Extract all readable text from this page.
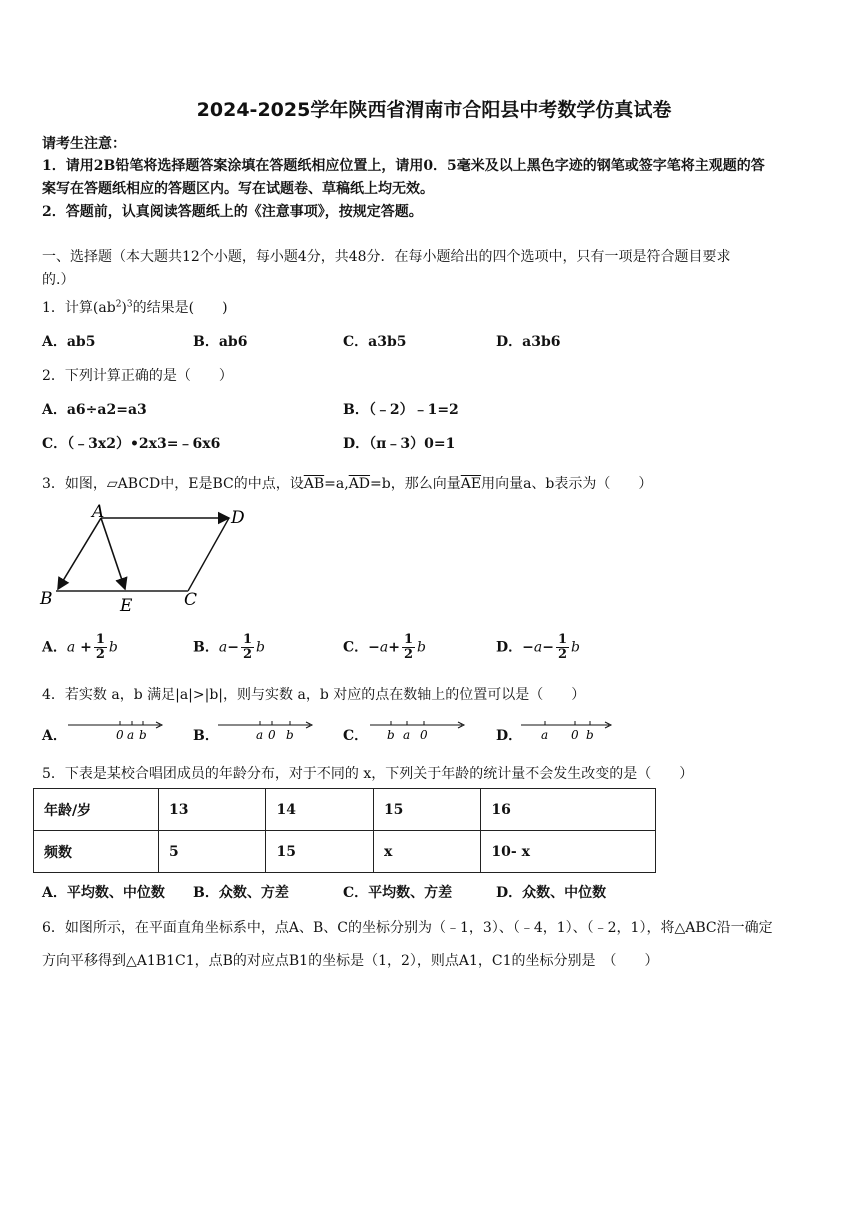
2024-2025学年陕西省渭南市合阳县中考数学仿真试卷
请考生注意：
1．请用2B铅笔将选择题答案涂填在答题纸相应位置上，请用0．5毫米及以上黑色字迹的钢笔或签字笔将主观题的答
案写在答题纸相应的答题区内。写在试题卷、草稿纸上均无效。
2．答题前，认真阅读答题纸上的《注意事项》，按规定答题。
一、选择题（本大题共12个小题，每小题4分，共48分．在每小题给出的四个选项中，只有一项是符合题目要求
的.）
1．计算$(ab^2)^3$的结果是(　　)
A．ab5	B．ab6	C．a3b5	D．a3b6
2．下列计算正确的是（　　）
A．a6÷a2=a3	B．（﹣2）﹣1=2
C．（﹣3x2）•2x3=﹣6x6	D．（π﹣3）0=1
3．如图，▱ABCD中，E是BC的中点，设$\overline{AB}=a,\overline{AD}=b$，那么向量$\overline{AE}$用向量a、b表示为（　　）
A	D
B	E	C
A．$a + \frac{1}{2}$ b	B．$a- \frac{1}{2}$ b	C．$-a+ \frac{1}{2}$ b	D．$-a- \frac{1}{2}$ b
4．若实数 a，b 满足|a|>|b|，则与实数 a，b 对应的点在数轴上的位置可以是（　　）
A．	0 a b	B．	a 0 b	C． b a 0	D． a 0 b
5．下表是某校合唱团成员的年龄分布，对于不同的 x，下列关于年龄的统计量不会发生改变的是（　　）
年龄/岁	13	14	15	16
频数	5	15	x	10- x
A．平均数、中位数 B．众数、方差	C．平均数、方差	D．众数、中位数
6．如图所示，在平面直角坐标系中，点A、B、C的坐标分别为（﹣1，3）、（﹣4，1）、（﹣2，1），将△ABC沿一确定
方向平移得到△A1B1C1，点B的对应点B1的坐标是（1，2），则点A1，C1的坐标分别是　（　　）
